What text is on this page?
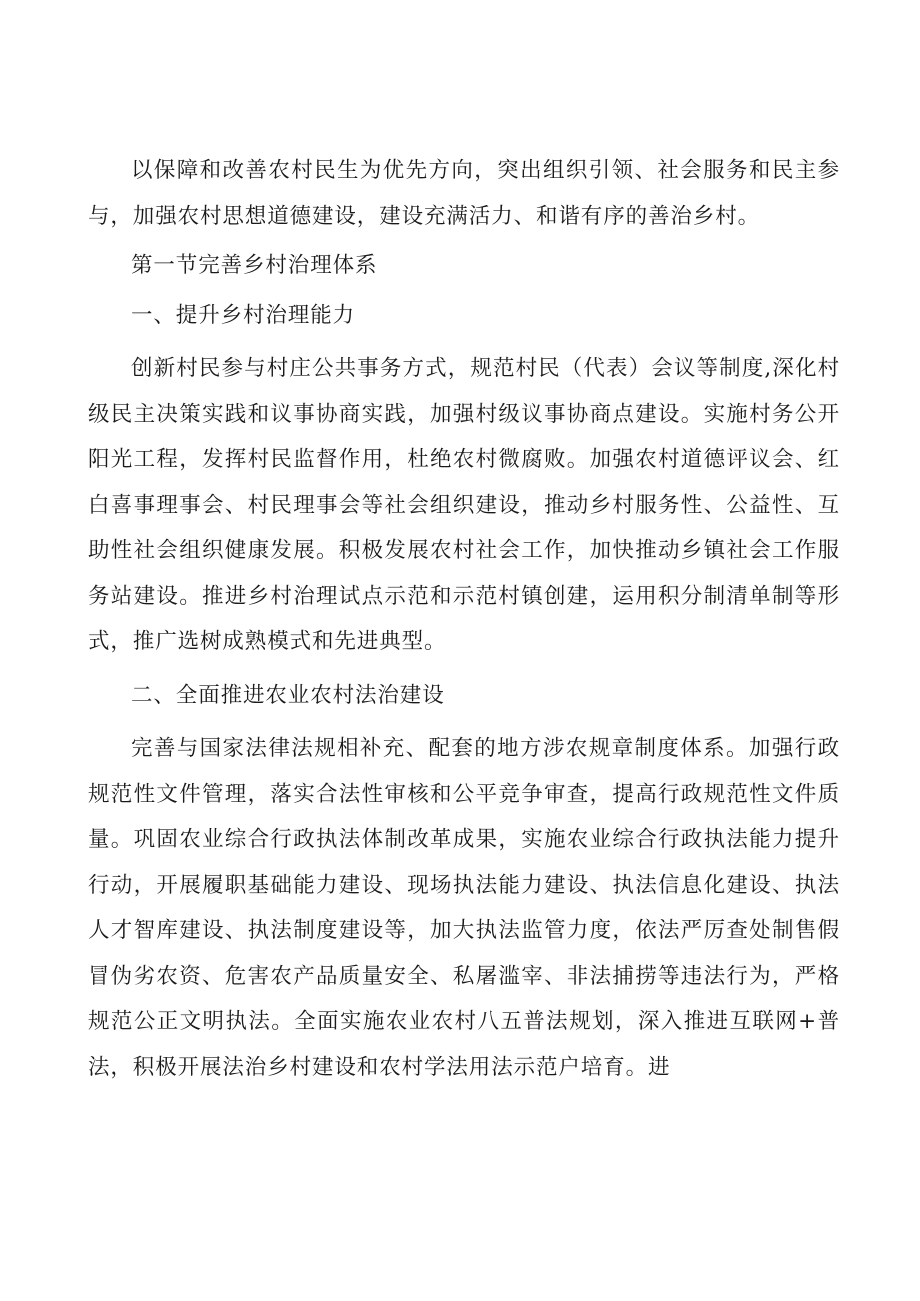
以保障和改善农村民生为优先方向，突出组织引领、社会服务和民主参与，加强农村思想道德建设，建设充满活力、和谐有序的善治乡村。

第一节完善乡村治理体系

一、提升乡村治理能力

创新村民参与村庄公共事务方式，规范村民（代表）会议等制度,深化村级民主决策实践和议事协商实践，加强村级议事协商点建设。实施村务公开阳光工程，发挥村民监督作用，杜绝农村微腐败。加强农村道德评议会、红白喜事理事会、村民理事会等社会组织建设，推动乡村服务性、公益性、互助性社会组织健康发展。积极发展农村社会工作，加快推动乡镇社会工作服务站建设。推进乡村治理试点示范和示范村镇创建，运用积分制清单制等形式，推广选树成熟模式和先进典型。

二、全面推进农业农村法治建设

完善与国家法律法规相补充、配套的地方涉农规章制度体系。加强行政规范性文件管理，落实合法性审核和公平竞争审查，提高行政规范性文件质量。巩固农业综合行政执法体制改革成果，实施农业综合行政执法能力提升行动，开展履职基础能力建设、现场执法能力建设、执法信息化建设、执法人才智库建设、执法制度建设等，加大执法监管力度，依法严厉查处制售假冒伪劣农资、危害农产品质量安全、私屠滥宰、非法捕捞等违法行为，严格规范公正文明执法。全面实施农业农村八五普法规划，深入推进互联网+普法，积极开展法治乡村建设和农村学法用法示范户培育。进
